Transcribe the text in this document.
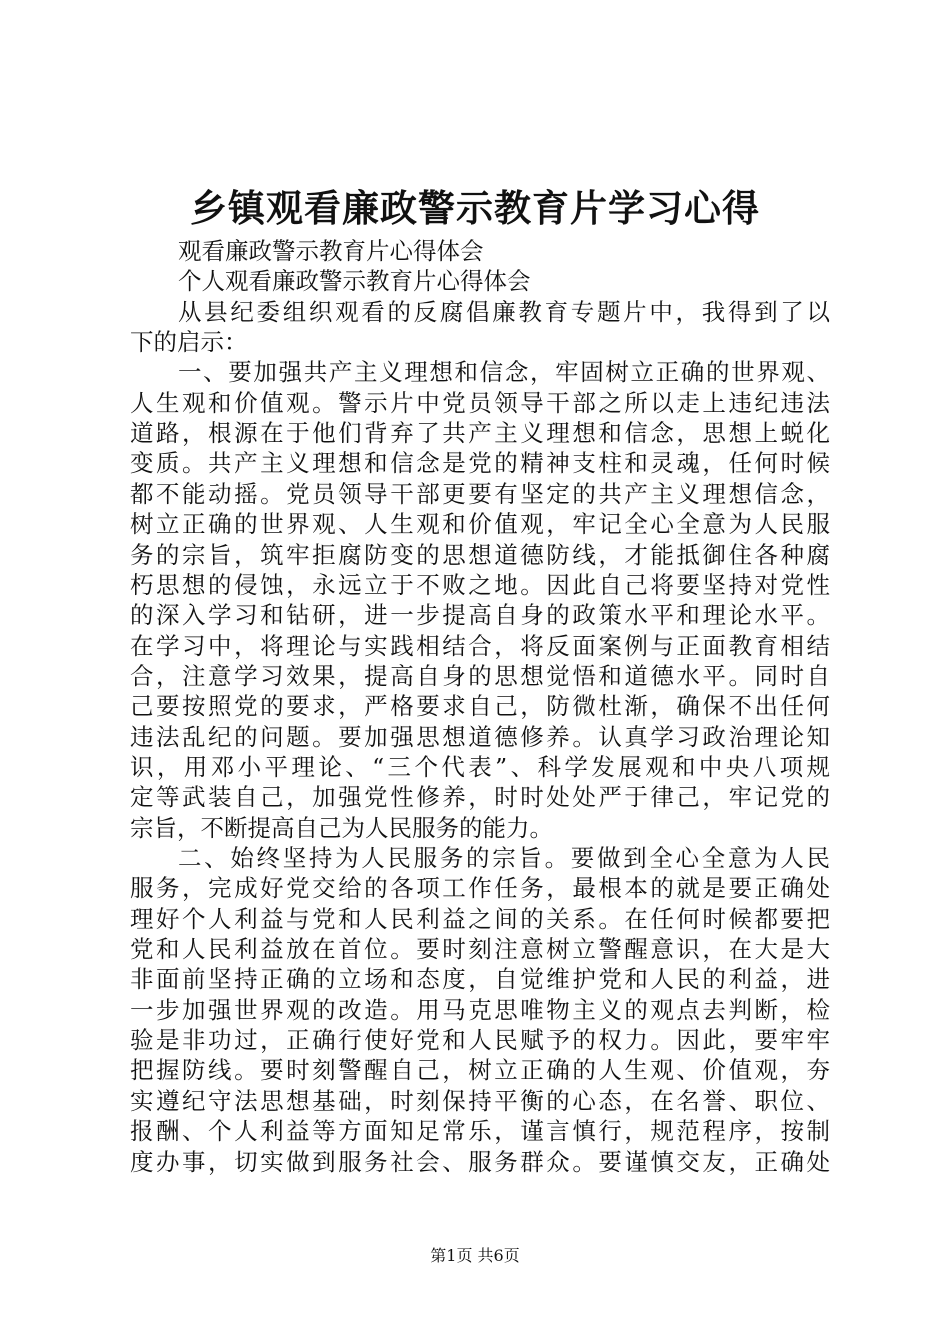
乡镇观看廉政警示教育片学习心得
观看廉政警示教育片心得体会
个人观看廉政警示教育片心得体会
从县纪委组织观看的反腐倡廉教育专题片中，我得到了以
下的启示：
一、要加强共产主义理想和信念，牢固树立正确的世界观、
人生观和价值观。警示片中党员领导干部之所以走上违纪违法
道路，根源在于他们背弃了共产主义理想和信念，思想上蜕化
变质。共产主义理想和信念是党的精神支柱和灵魂，任何时候
都不能动摇。党员领导干部更要有坚定的共产主义理想信念，
树立正确的世界观、人生观和价值观，牢记全心全意为人民服
务的宗旨，筑牢拒腐防变的思想道德防线，才能抵御住各种腐
朽思想的侵蚀，永远立于不败之地。因此自己将要坚持对党性
的深入学习和钻研，进一步提高自身的政策水平和理论水平。
在学习中，将理论与实践相结合，将反面案例与正面教育相结
合，注意学习效果，提高自身的思想觉悟和道德水平。同时自
己要按照党的要求，严格要求自己，防微杜渐，确保不出任何
违法乱纪的问题。要加强思想道德修养。认真学习政治理论知
识，用邓小平理论、“三个代表”、科学发展观和中央八项规
定等武装自己，加强党性修养，时时处处严于律己，牢记党的
宗旨，不断提高自己为人民服务的能力。
二、始终坚持为人民服务的宗旨。要做到全心全意为人民
服务，完成好党交给的各项工作任务，最根本的就是要正确处
理好个人利益与党和人民利益之间的关系。在任何时候都要把
党和人民利益放在首位。要时刻注意树立警醒意识，在大是大
非面前坚持正确的立场和态度，自觉维护党和人民的利益，进
一步加强世界观的改造。用马克思唯物主义的观点去判断，检
验是非功过，正确行使好党和人民赋予的权力。因此，要牢牢
把握防线。要时刻警醒自己，树立正确的人生观、价值观，夯
实遵纪守法思想基础，时刻保持平衡的心态，在名誉、职位、
报酬、个人利益等方面知足常乐，谨言慎行，规范程序，按制
度办事，切实做到服务社会、服务群众。要谨慎交友，正确处
第1页 共6页
